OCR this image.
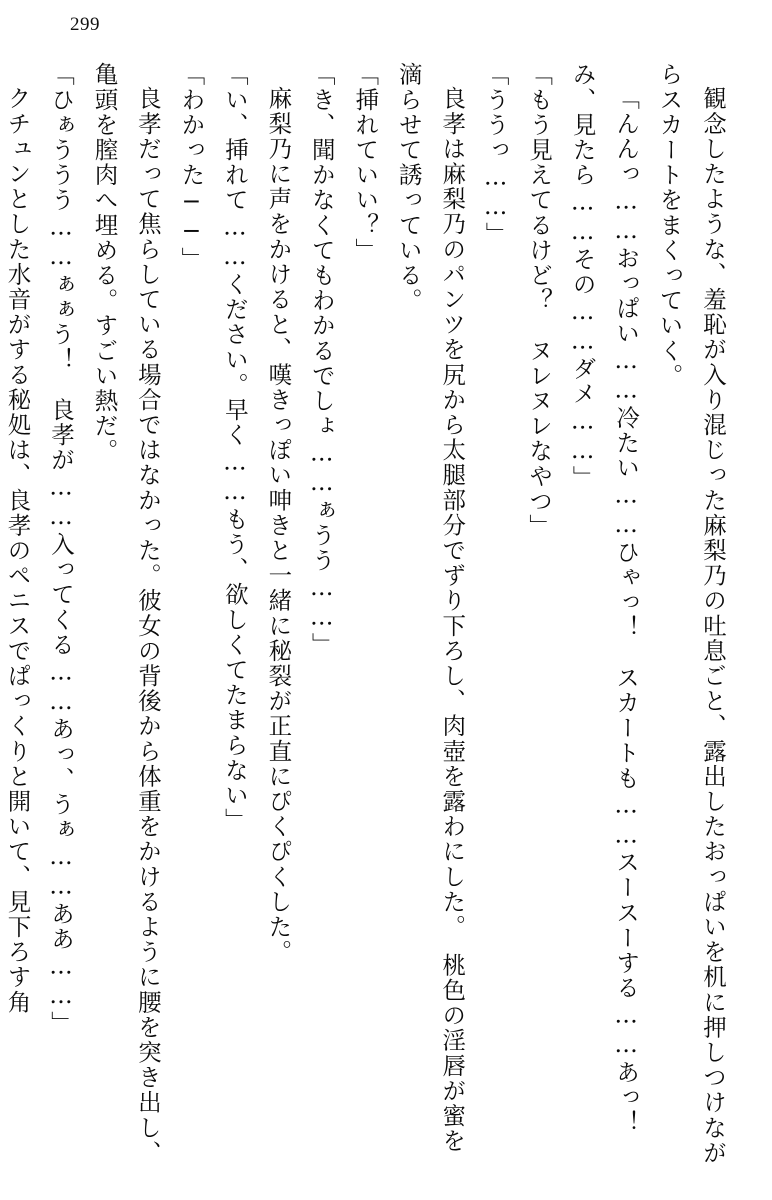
299

観念したような、羞恥が入り混じった麻梨乃の吐息ごと、露出したおっぱいを机に押しつけながらスカートをまくっていく。

「んんっ……おっぱい……冷たい……ひゃっ！　スカートも……スースーする……あっ！　み、見たら……その……ダメ……」

「もう見えてるけど？　ヌレヌレなやつ」

「ううっ……」

良孝は麻梨乃のパンツを尻から太腿部分でずり下ろし、肉壺を露わにした。　桃色の淫唇が蜜を滴らせて誘っている。

「挿れていい？」

「き、聞かなくてもわかるでしょ……ぁうう……」

麻梨乃に声をかけると、嘆きっぽい呻きと一緒に秘裂が正直にぴくぴくした。

「い、挿れて……ください。早く……もう、欲しくてたまらない」

「わかった──」

良孝だって焦らしている場合ではなかった。彼女の背後から体重をかけるように腰を突き出し、亀頭を膣肉へ埋める。すごい熱だ。

「ひぁううう……ぁぁう！　良孝が……入ってくる……あっ、うぁ……ああ……」

クチュンとした水音がする秘処は、良孝のペニスでぱっくりと開いて、見下ろす角
